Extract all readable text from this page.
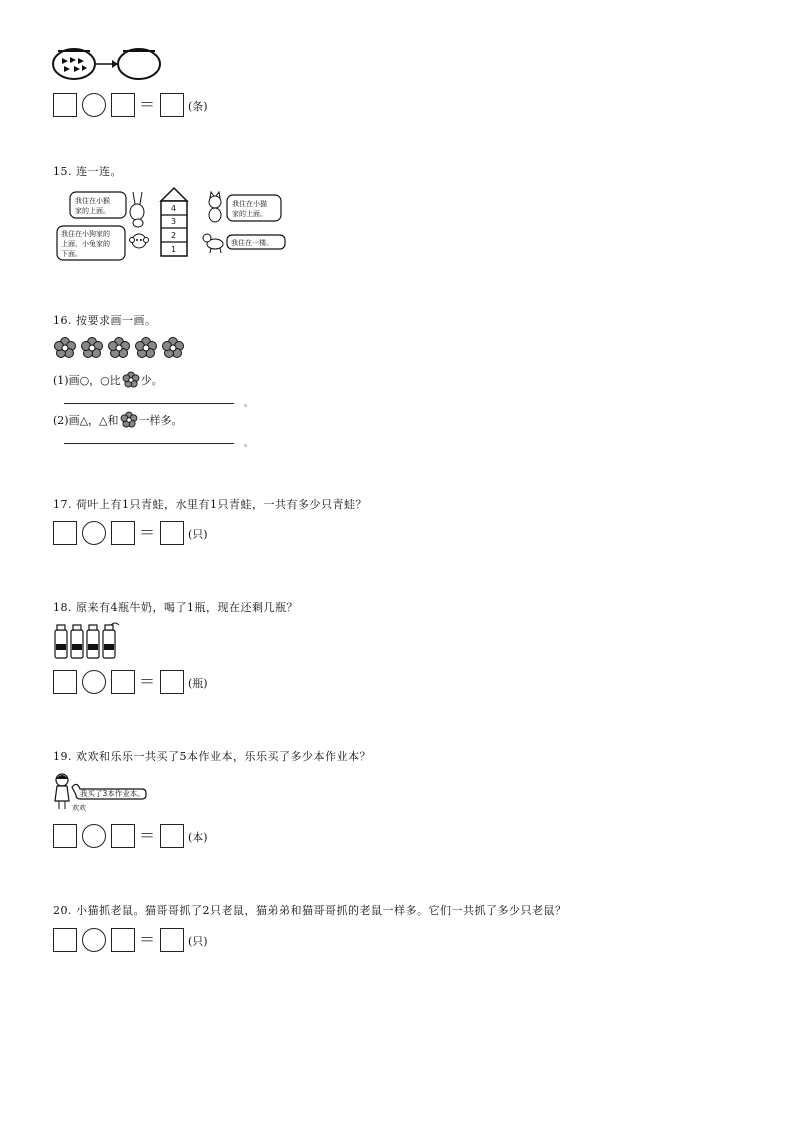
＝	(条)
15. 连一连。
我住在小猴
家的上面。
我住在小狗家的
上面，小兔家的
下面。
4
3
2
1
我住在小猫
家的上面。
我住在一楼。
16. 按要求画一画。
(1)画○，○比 少。
。
(2)画△，△和 一样多。
。
17. 荷叶上有1只青蛙，水里有1只青蛙，一共有多少只青蛙？
＝	(只)
18. 原来有4瓶牛奶，喝了1瓶，现在还剩几瓶？
＝	(瓶)
19. 欢欢和乐乐一共买了5本作业本，乐乐买了多少本作业本？
我买了3本作业本。
欢欢
＝	(本)
20. 小猫抓老鼠。猫哥哥抓了2只老鼠，猫弟弟和猫哥哥抓的老鼠一样多。它们一共抓了多少只老鼠？
＝	(只)
